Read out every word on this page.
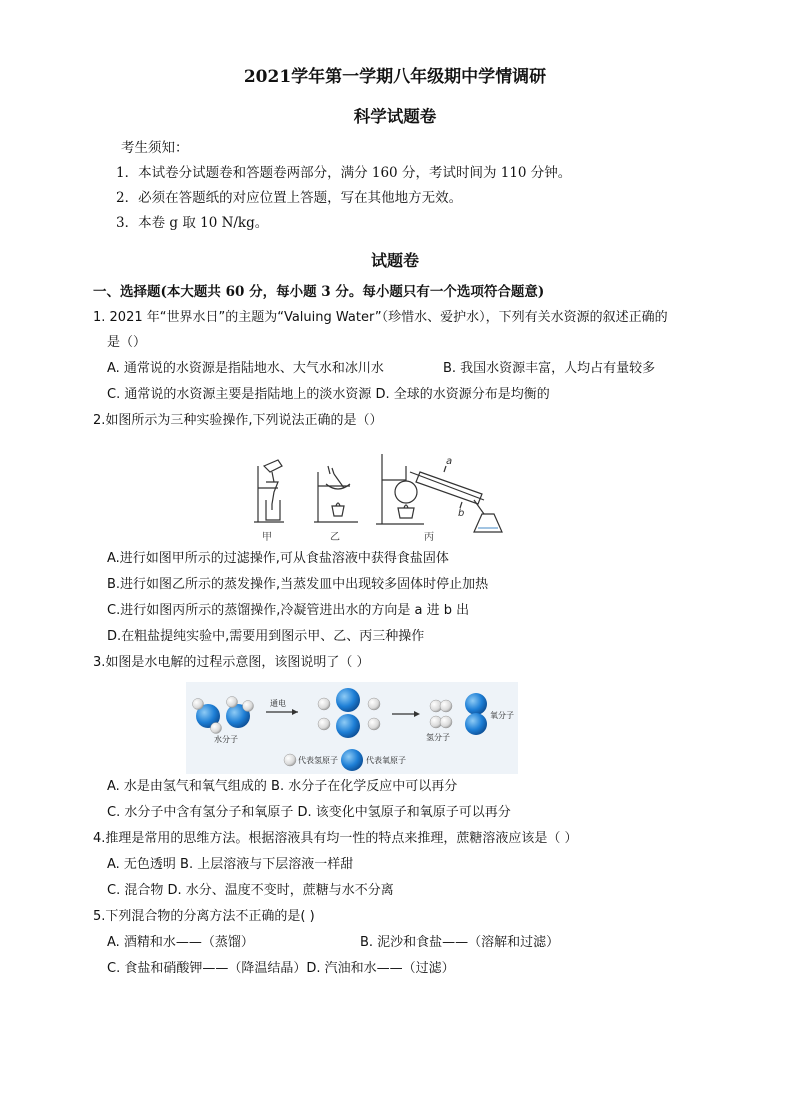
2021学年第一学期八年级期中学情调研
科学试题卷
考生须知：
1．本试卷分试题卷和答题卷两部分，满分 160 分，考试时间为 110 分钟。
2．必须在答题纸的对应位置上答题，写在其他地方无效。
3．本卷 g 取 10 N/kg。
试题卷
一、选择题(本大题共 60 分，每小题 3 分。每小题只有一个选项符合题意)
1. 2021 年“世界水日”的主题为“Valuing Water”（珍惜水、爱护水），下列有关水资源的叙述正确的
是（）
A. 通常说的水资源是指陆地水、大气水和冰川水	B. 我国水资源丰富，人均占有量较多
C. 通常说的水资源主要是指陆地上的淡水资源 D. 全球的水资源分布是均衡的
2.如图所示为三种实验操作,下列说法正确的是（）
甲	乙	丙
a
b
A.进行如图甲所示的过滤操作,可从食盐溶液中获得食盐固体
B.进行如图乙所示的蒸发操作,当蒸发皿中出现较多固体时停止加热
C.进行如图丙所示的蒸馏操作,冷凝管进出水的方向是 a 进 b 出
D.在粗盐提纯实验中,需要用到图示甲、乙、丙三种操作
3.如图是水电解的过程示意图，该图说明了（ ）
通电
水分子	氢分子
氧分子
代表氢原子	代表氧原子
A. 水是由氢气和氧气组成的 B. 水分子在化学反应中可以再分
C. 水分子中含有氢分子和氧原子 D. 该变化中氢原子和氧原子可以再分
4.推理是常用的思维方法。根据溶液具有均一性的特点来推理，蔗糖溶液应该是（ ）
A. 无色透明 B. 上层溶液与下层溶液一样甜
C. 混合物 D. 水分、温度不变时，蔗糖与水不分离
5.下列混合物的分离方法不正确的是( )
A. 酒精和水——（蒸馏）	B. 泥沙和食盐——（溶解和过滤）
C. 食盐和硝酸钾——（降温结晶）D. 汽油和水——（过滤）
